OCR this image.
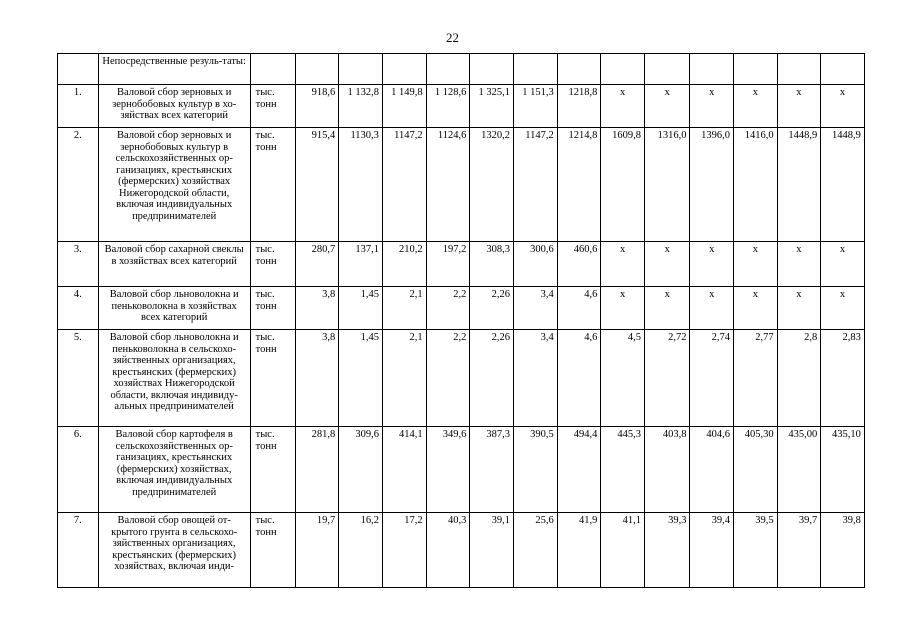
22
	Непосредственные резуль-таты:														
1.	Валовой сбор зерновых и зернобобовых культур в хо-зяйствах всех категорий	тыс. тонн	918,6	1 132,8	1 149,8	1 128,6	1 325,1	1 151,3	1218,8	x	x	x	x	x	x
2.	Валовой сбор зерновых и зернобобовых культур в сельскохозяйственных ор-ганизациях, крестьянских (фермерских) хозяйствах Нижегородской области, включая индивидуальных предпринимателей	тыс. тонн	915,4	1130,3	1147,2	1124,6	1320,2	1147,2	1214,8	1609,8	1316,0	1396,0	1416,0	1448,9	1448,9
3.	Валовой сбор сахарной свеклы в хозяйствах всех категорий	тыс. тонн	280,7	137,1	210,2	197,2	308,3	300,6	460,6	x	x	x	x	x	x
4.	Валовой сбор льноволокна и пеньковолокна в хозяйствах всех категорий	тыс. тонн	3,8	1,45	2,1	2,2	2,26	3,4	4,6	x	x	x	x	x	x
5.	Валовой сбор льноволокна и пеньковолокна в сельскохо-зяйственных организациях, крестьянских (фермерских) хозяйствах Нижегородской области, включая индивиду-альных предпринимателей	тыс. тонн	3,8	1,45	2,1	2,2	2,26	3,4	4,6	4,5	2,72	2,74	2,77	2,8	2,83
6.	Валовой сбор картофеля в сельскохозяйственных ор-ганизациях, крестьянских (фермерских) хозяйствах, включая индивидуальных предпринимателей	тыс. тонн	281,8	309,6	414,1	349,6	387,3	390,5	494,4	445,3	403,8	404,6	405,30	435,00	435,10
7.	Валовой сбор овощей от-крытого грунта в сельскохо-зяйственных организациях, крестьянских (фермерских) хозяйствах, включая инди-	тыс. тонн	19,7	16,2	17,2	40,3	39,1	25,6	41,9	41,1	39,3	39,4	39,5	39,7	39,8
